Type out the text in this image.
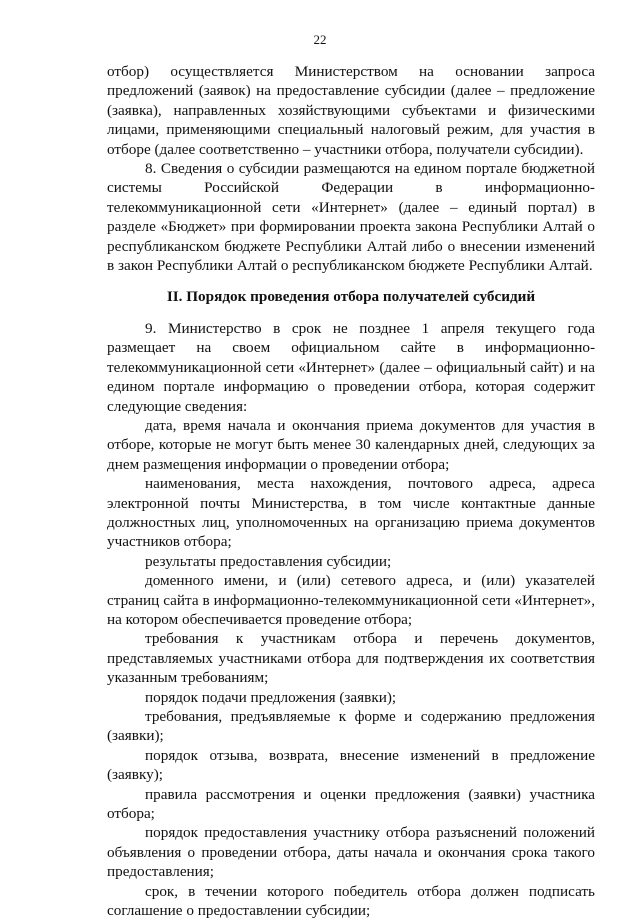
22

отбор) осуществляется Министерством на основании запроса предложений (заявок) на предоставление субсидии (далее – предложение (заявка), направленных хозяйствующими субъектами и физическими лицами, применяющими специальный налоговый режим, для участия в отборе (далее соответственно – участники отбора, получатели субсидии).

8. Сведения о субсидии размещаются на едином портале бюджетной системы Российской Федерации в информационно-телекоммуникационной сети «Интернет» (далее – единый портал) в разделе «Бюджет» при формировании проекта закона Республики Алтай о республиканском бюджете Республики Алтай либо о внесении изменений в закон Республики Алтай о республиканском бюджете Республики Алтай.

II. Порядок проведения отбора получателей субсидий

9. Министерство в срок не позднее 1 апреля текущего года размещает на своем официальном сайте в информационно-телекоммуникационной сети «Интернет» (далее – официальный сайт) и на едином портале информацию о проведении отбора, которая содержит следующие сведения:

дата, время начала и окончания приема документов для участия в отборе, которые не могут быть менее 30 календарных дней, следующих за днем размещения информации о проведении отбора;

наименования, места нахождения, почтового адреса, адреса электронной почты Министерства, в том числе контактные данные должностных лиц, уполномоченных на организацию приема документов участников отбора;

результаты предоставления субсидии;

доменного имени, и (или) сетевого адреса, и (или) указателей страниц сайта в информационно-телекоммуникационной сети «Интернет», на котором обеспечивается проведение отбора;

требования к участникам отбора и перечень документов, представляемых участниками отбора для подтверждения их соответствия указанным требованиям;

порядок подачи предложения (заявки);

требования, предъявляемые к форме и содержанию предложения (заявки);

порядок отзыва, возврата, внесение изменений в предложение (заявку);

правила рассмотрения и оценки предложения (заявки) участника отбора;

порядок предоставления участнику отбора разъяснений положений объявления о проведении отбора, даты начала и окончания срока такого предоставления;

срок, в течении которого победитель отбора должен подписать соглашение о предоставлении субсидии;
